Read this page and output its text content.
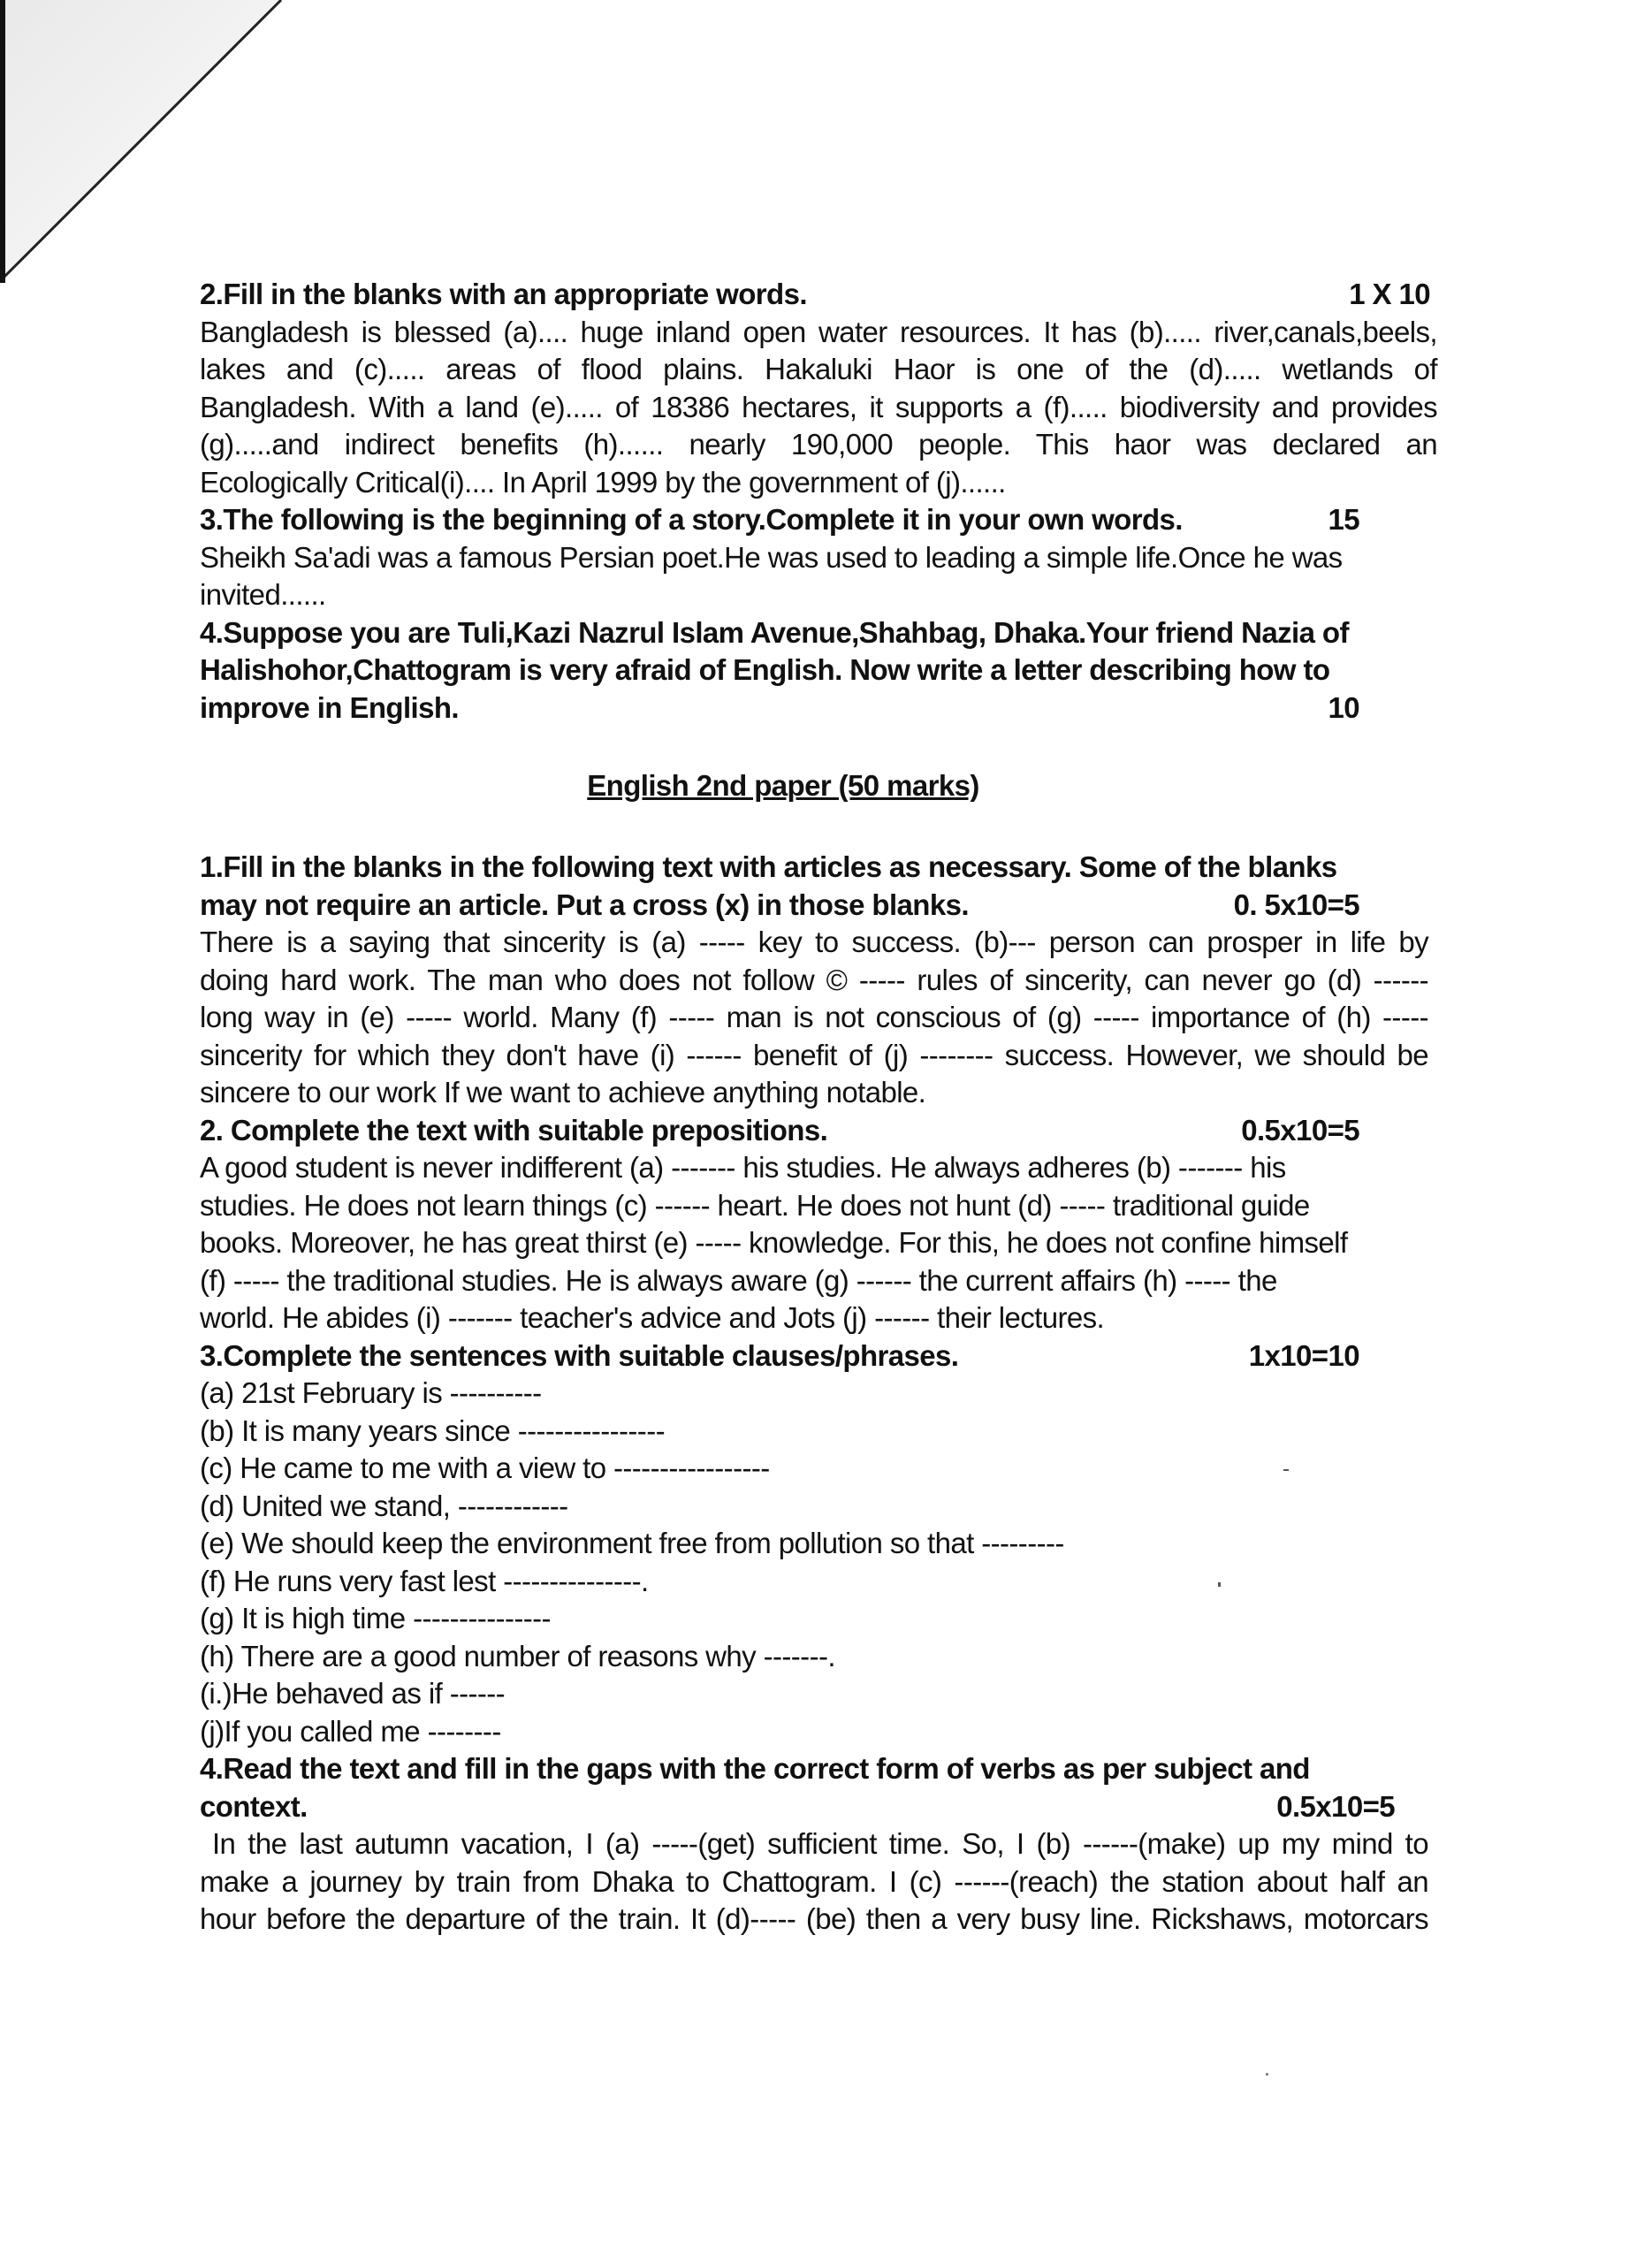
2.Fill in the blanks with an appropriate words.	1 X 10
Bangladesh is blessed (a).... huge inland open water resources. It has (b)..... river,canals,beels,
lakes and (c)..... areas of flood plains. Hakaluki Haor is one of the (d)..... wetlands of
Bangladesh. With a land (e)..... of 18386 hectares, it supports a (f)..... biodiversity and provides
(g).....and indirect benefits (h)...... nearly 190,000 people. This haor was declared an
Ecologically Critical(i).... In April 1999 by the government of (j)......
3.The following is the beginning of a story.Complete it in your own words.	15
Sheikh Sa'adi was a famous Persian poet.He was used to leading a simple life.Once he was
invited......
4.Suppose you are Tuli,Kazi Nazrul Islam Avenue,Shahbag, Dhaka.Your friend Nazia of
Halishohor,Chattogram is very afraid of English. Now write a letter describing how to
improve in English.	10
English 2nd paper (50 marks)
1.Fill in the blanks in the following text with articles as necessary. Some of the blanks
may not require an article. Put a cross (x) in those blanks.	0. 5x10=5
There is a saying that sincerity is (a) ----- key to success. (b)--- person can prosper in life by
doing hard work. The man who does not follow © ----- rules of sincerity, can never go (d) ------
long way in (e) ----- world. Many (f) ----- man is not conscious of (g) ----- importance of (h) -----
sincerity for which they don't have (i) ------ benefit of (j) -------- success. However, we should be
sincere to our work If we want to achieve anything notable.
2. Complete the text with suitable prepositions.	0.5x10=5
A good student is never indifferent (a) ------- his studies. He always adheres (b) ------- his
studies. He does not learn things (c) ------ heart. He does not hunt (d) ----- traditional guide
books. Moreover, he has great thirst (e) ----- knowledge. For this, he does not confine himself
(f) ----- the traditional studies. He is always aware (g) ------ the current affairs (h) ----- the
world. He abides (i) ------- teacher's advice and Jots (j) ------ their lectures.
3.Complete the sentences with suitable clauses/phrases.	1x10=10
(a) 21st February is ----------
(b) It is many years since ----------------
(c) He came to me with a view to -----------------
(d) United we stand, ------------
(e) We should keep the environment free from pollution so that ---------
(f) He runs very fast lest ---------------.
(g) It is high time ---------------
(h) There are a good number of reasons why -------.
(i.)He behaved as if ------
(j)If you called me --------
4.Read the text and fill in the gaps with the correct form of verbs as per subject and
context.	0.5x10=5
In the last autumn vacation, I (a) -----(get) sufficient time. So, I (b) ------(make) up my mind to
make a journey by train from Dhaka to Chattogram. I (c) ------(reach) the station about half an
hour before the departure of the train. It (d)----- (be) then a very busy line. Rickshaws, motorcars
